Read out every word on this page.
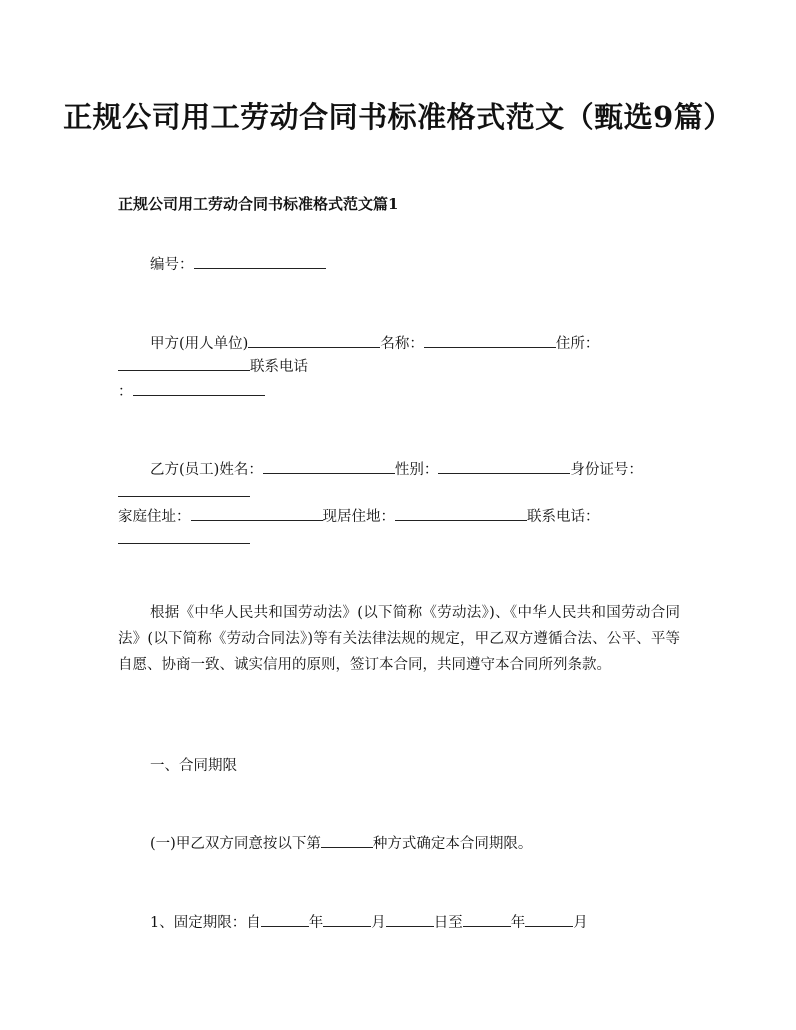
正规公司用工劳动合同书标准格式范文（甄选9篇）
正规公司用工劳动合同书标准格式范文篇1
编号：
甲方(用人单位)	名称：	住所：
联系电话
：
乙方(员工)姓名：	性别：	身份证号：
家庭住址：	现居住地：	联系电话：
根据《中华人民共和国劳动法》(以下简称《劳动法》)、《中华人民共和国劳动合同法》(以下简称《劳动合同法》)等有关法律法规的规定，甲乙双方遵循合法、公平、平等自愿、协商一致、诚实信用的原则，签订本合同，共同遵守本合同所列条款。
一、合同期限
(一)甲乙双方同意按以下第	种方式确定本合同期限。
1、固定期限：自	年	月	日至	年	月
